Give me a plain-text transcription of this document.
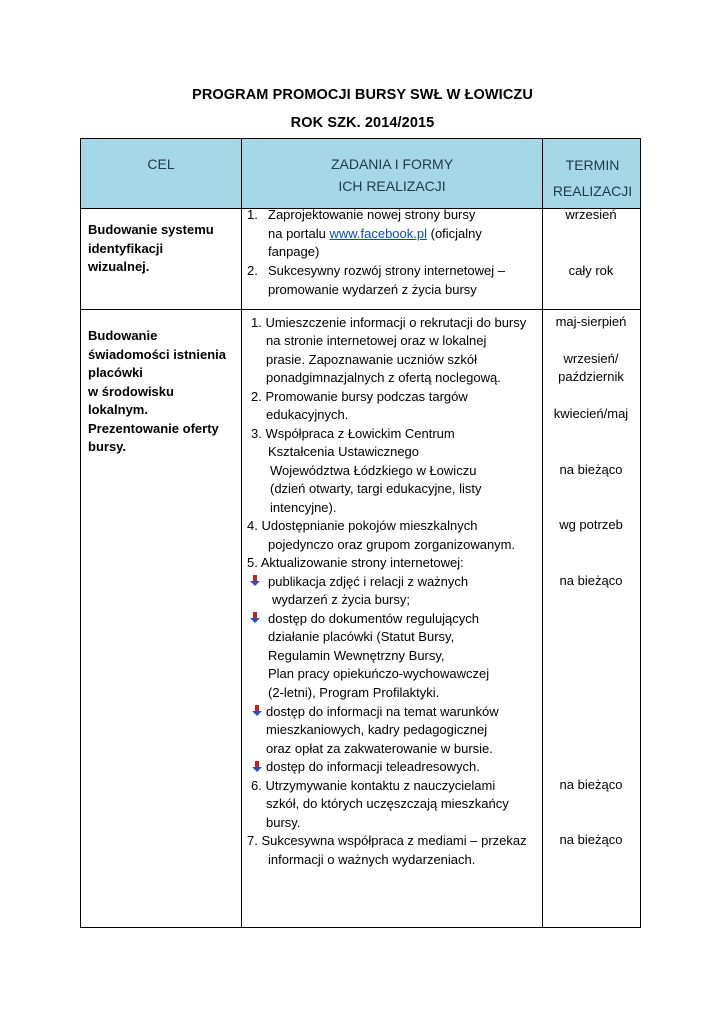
PROGRAM PROMOCJI BURSY SWŁ W ŁOWICZU
ROK SZK. 2014/2015
CEL	ZADANIA I FORMY
ICH REALIZACJI
TERMIN
REALIZACJI
Budowanie systemu
identyfikacji
wizualnej.
1. Zaprojektowanie nowej strony bursy
na portalu www.facebook.pl (oficjalny
fanpage)
2. Sukcesywny rozwój strony internetowej –
promowanie wydarzeń z życia bursy
wrzesień
cały rok
Budowanie
świadomości istnienia
placówki
w środowisku
lokalnym.
Prezentowanie oferty
bursy.
1. Umieszczenie informacji o rekrutacji do bursy
na stronie internetowej oraz w lokalnej
prasie. Zapoznawanie uczniów szkół
ponadgimnazjalnych z ofertą noclegową.
2. Promowanie bursy podczas targów
edukacyjnych.
3. Współpraca z Łowickim Centrum
Kształcenia Ustawicznego
Województwa Łódzkiego w Łowiczu
(dzień otwarty, targi edukacyjne, listy
intencyjne).
4. Udostępnianie pokojów mieszkalnych
pojedynczo oraz grupom zorganizowanym.
5. Aktualizowanie strony internetowej:
publikacja zdjęć i relacji z ważnych
wydarzeń z życia bursy;
dostęp do dokumentów regulujących
działanie placówki (Statut Bursy,
Regulamin Wewnętrzny Bursy,
Plan pracy opiekuńczo-wychowawczej
(2-letni), Program Profilaktyki.
dostęp do informacji na temat warunków
mieszkaniowych, kadry pedagogicznej
oraz opłat za zakwaterowanie w bursie.
dostęp do informacji teleadresowych.
6. Utrzymywanie kontaktu z nauczycielami
szkół, do których uczęszczają mieszkańcy
bursy.
7. Sukcesywna współpraca z mediami – przekaz
informacji o ważnych wydarzeniach.
maj-sierpień
wrzesień/
październik
kwiecień/maj
na bieżąco
wg potrzeb
na bieżąco
na bieżąco
na bieżąco
